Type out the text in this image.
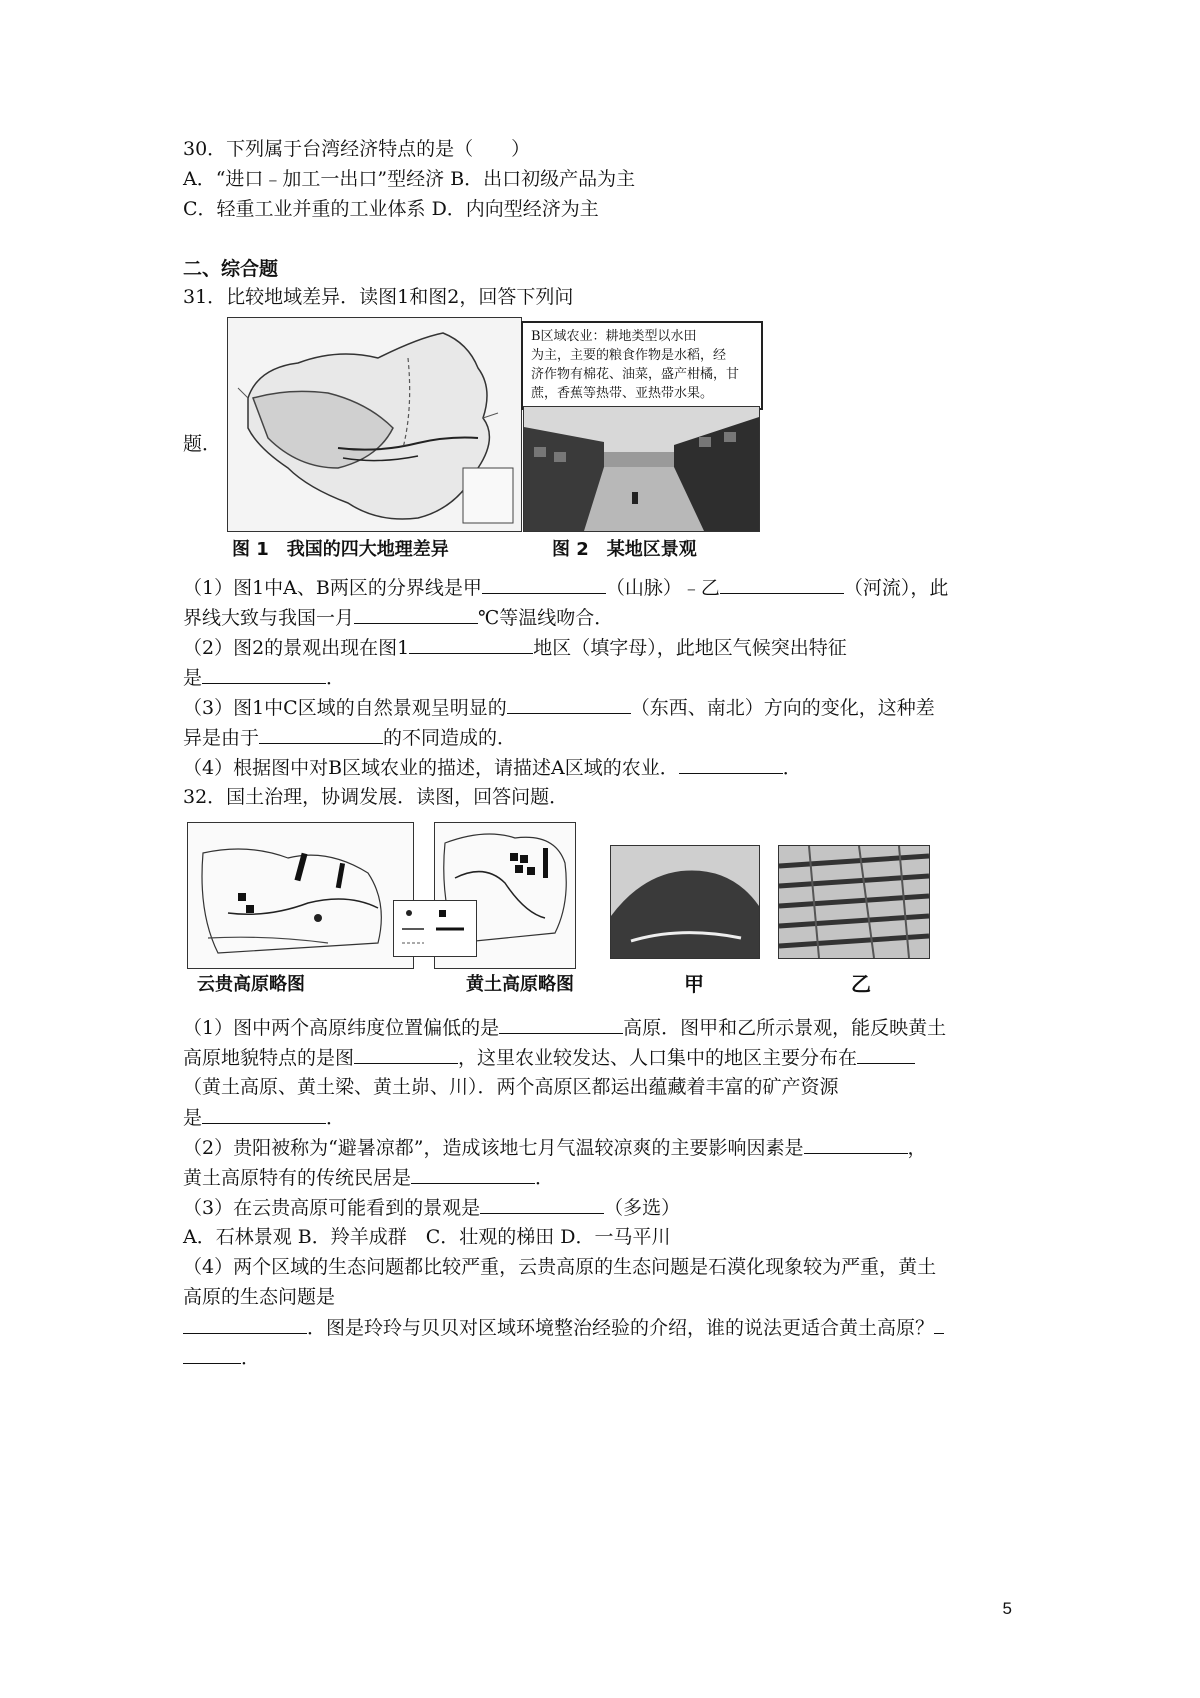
30．下列属于台湾经济特点的是（　　）
A．“进口﹣加工一出口”型经济 B．出口初级产品为主
C．轻重工业并重的工业体系 D．内向型经济为主
二、综合题
31．比较地域差异．读图1和图2，回答下列问
题．
图 1　我国的四大地理差异
B区域农业：耕地类型以水田
为主，主要的粮食作物是水稻，经
济作物有棉花、油菜，盛产柑橘，甘
蔗，香蕉等热带、亚热带水果。
图 2　某地区景观
（1）图1中A、B两区的分界线是甲	（山脉）﹣乙	（河流），此
界线大致与我国一月	℃等温线吻合．
（2）图2的景观出现在图1	地区（填字母），此地区气候突出特征
是	．
（3）图1中C区域的自然景观呈明显的	（东西、南北）方向的变化，这种差
异是由于	的不同造成的．
（4）根据图中对B区域农业的描述，请描述A区域的农业．	．
32．国土治理，协调发展．读图，回答问题．
云贵高原略图	黄土高原略图	甲	乙
（1）图中两个高原纬度位置偏低的是	高原．图甲和乙所示景观，能反映黄土
高原地貌特点的是图	，这里农业较发达、人口集中的地区主要分布在
（黄土高原、黄土梁、黄土峁、川）．两个高原区都运出蕴藏着丰富的矿产资源
是	．
（2）贵阳被称为“避暑凉都”，造成该地七月气温较凉爽的主要影响因素是	，
黄土高原特有的传统民居是	．
（3）在云贵高原可能看到的景观是	（多选）
A．石林景观 B．羚羊成群　C．壮观的梯田 D．一马平川
（4）两个区域的生态问题都比较严重，云贵高原的生态问题是石漠化现象较为严重，黄土
高原的生态问题是
．图是玲玲与贝贝对区域环境整治经验的介绍，谁的说法更适合黄土高原？
．
5
